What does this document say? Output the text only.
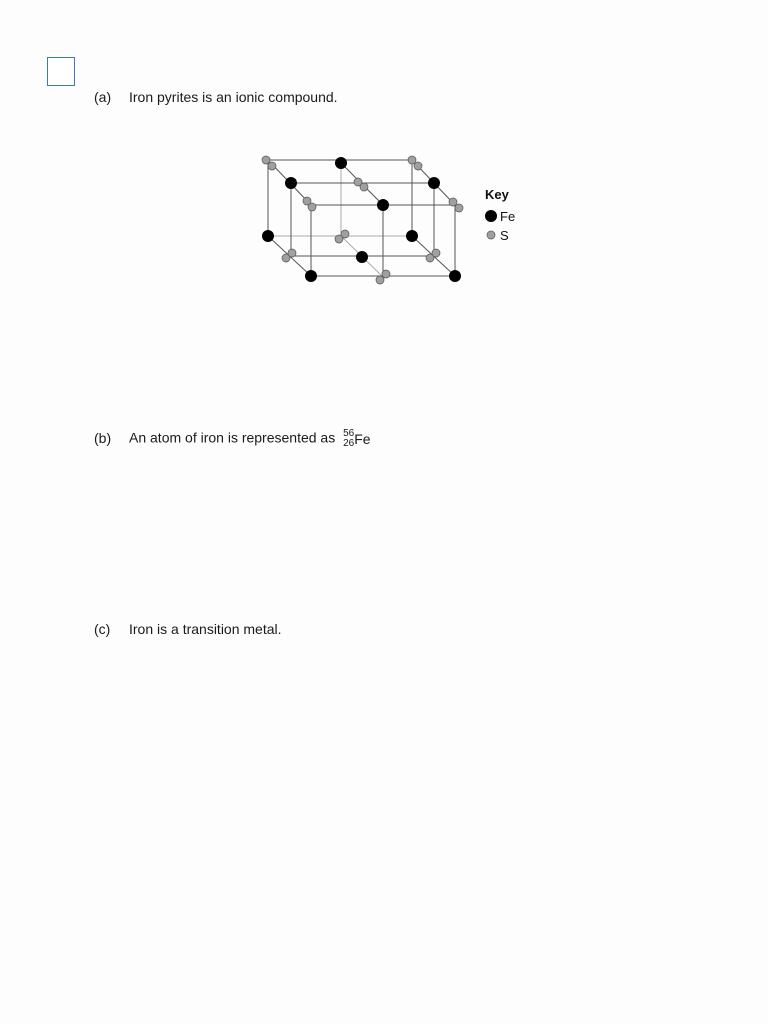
(a) Iron pyrites is an ionic compound.
Key
Fe
S
(b) An atom of iron is represented as 56
26 Fe
(c) Iron is a transition metal.
